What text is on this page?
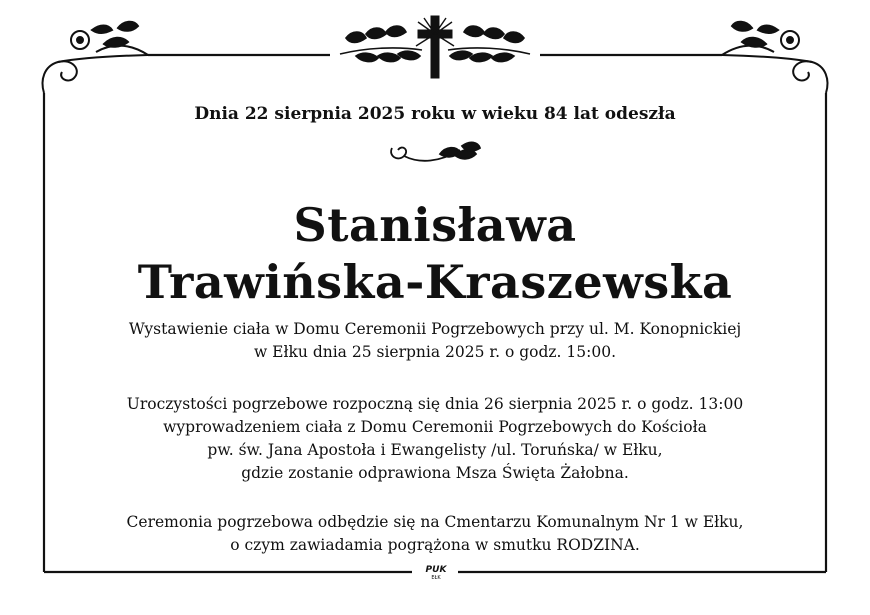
Dnia 22 sierpnia 2025 roku w wieku 84 lat odeszła

Stanisława

Trawińska-Kraszewska

Wystawienie ciała w Domu Ceremonii Pogrzebowych przy ul. M. Konopnickiej
w Ełku dnia 25 sierpnia 2025 r. o godz. 15:00.

Uroczystości pogrzebowe rozpoczną się dnia 26 sierpnia 2025 r. o godz. 13:00
wyprowadzeniem ciała z Domu Ceremonii Pogrzebowych do Kościoła
pw. św. Jana Apostoła i Ewangelisty /ul. Toruńska/ w Ełku,
gdzie zostanie odprawiona Msza Święta Żałobna.

Ceremonia pogrzebowa odbędzie się na Cmentarzu Komunalnym Nr 1 w Ełku,
o czym zawiadamia pogrążona w smutku RODZINA.

PUK
EŁK
